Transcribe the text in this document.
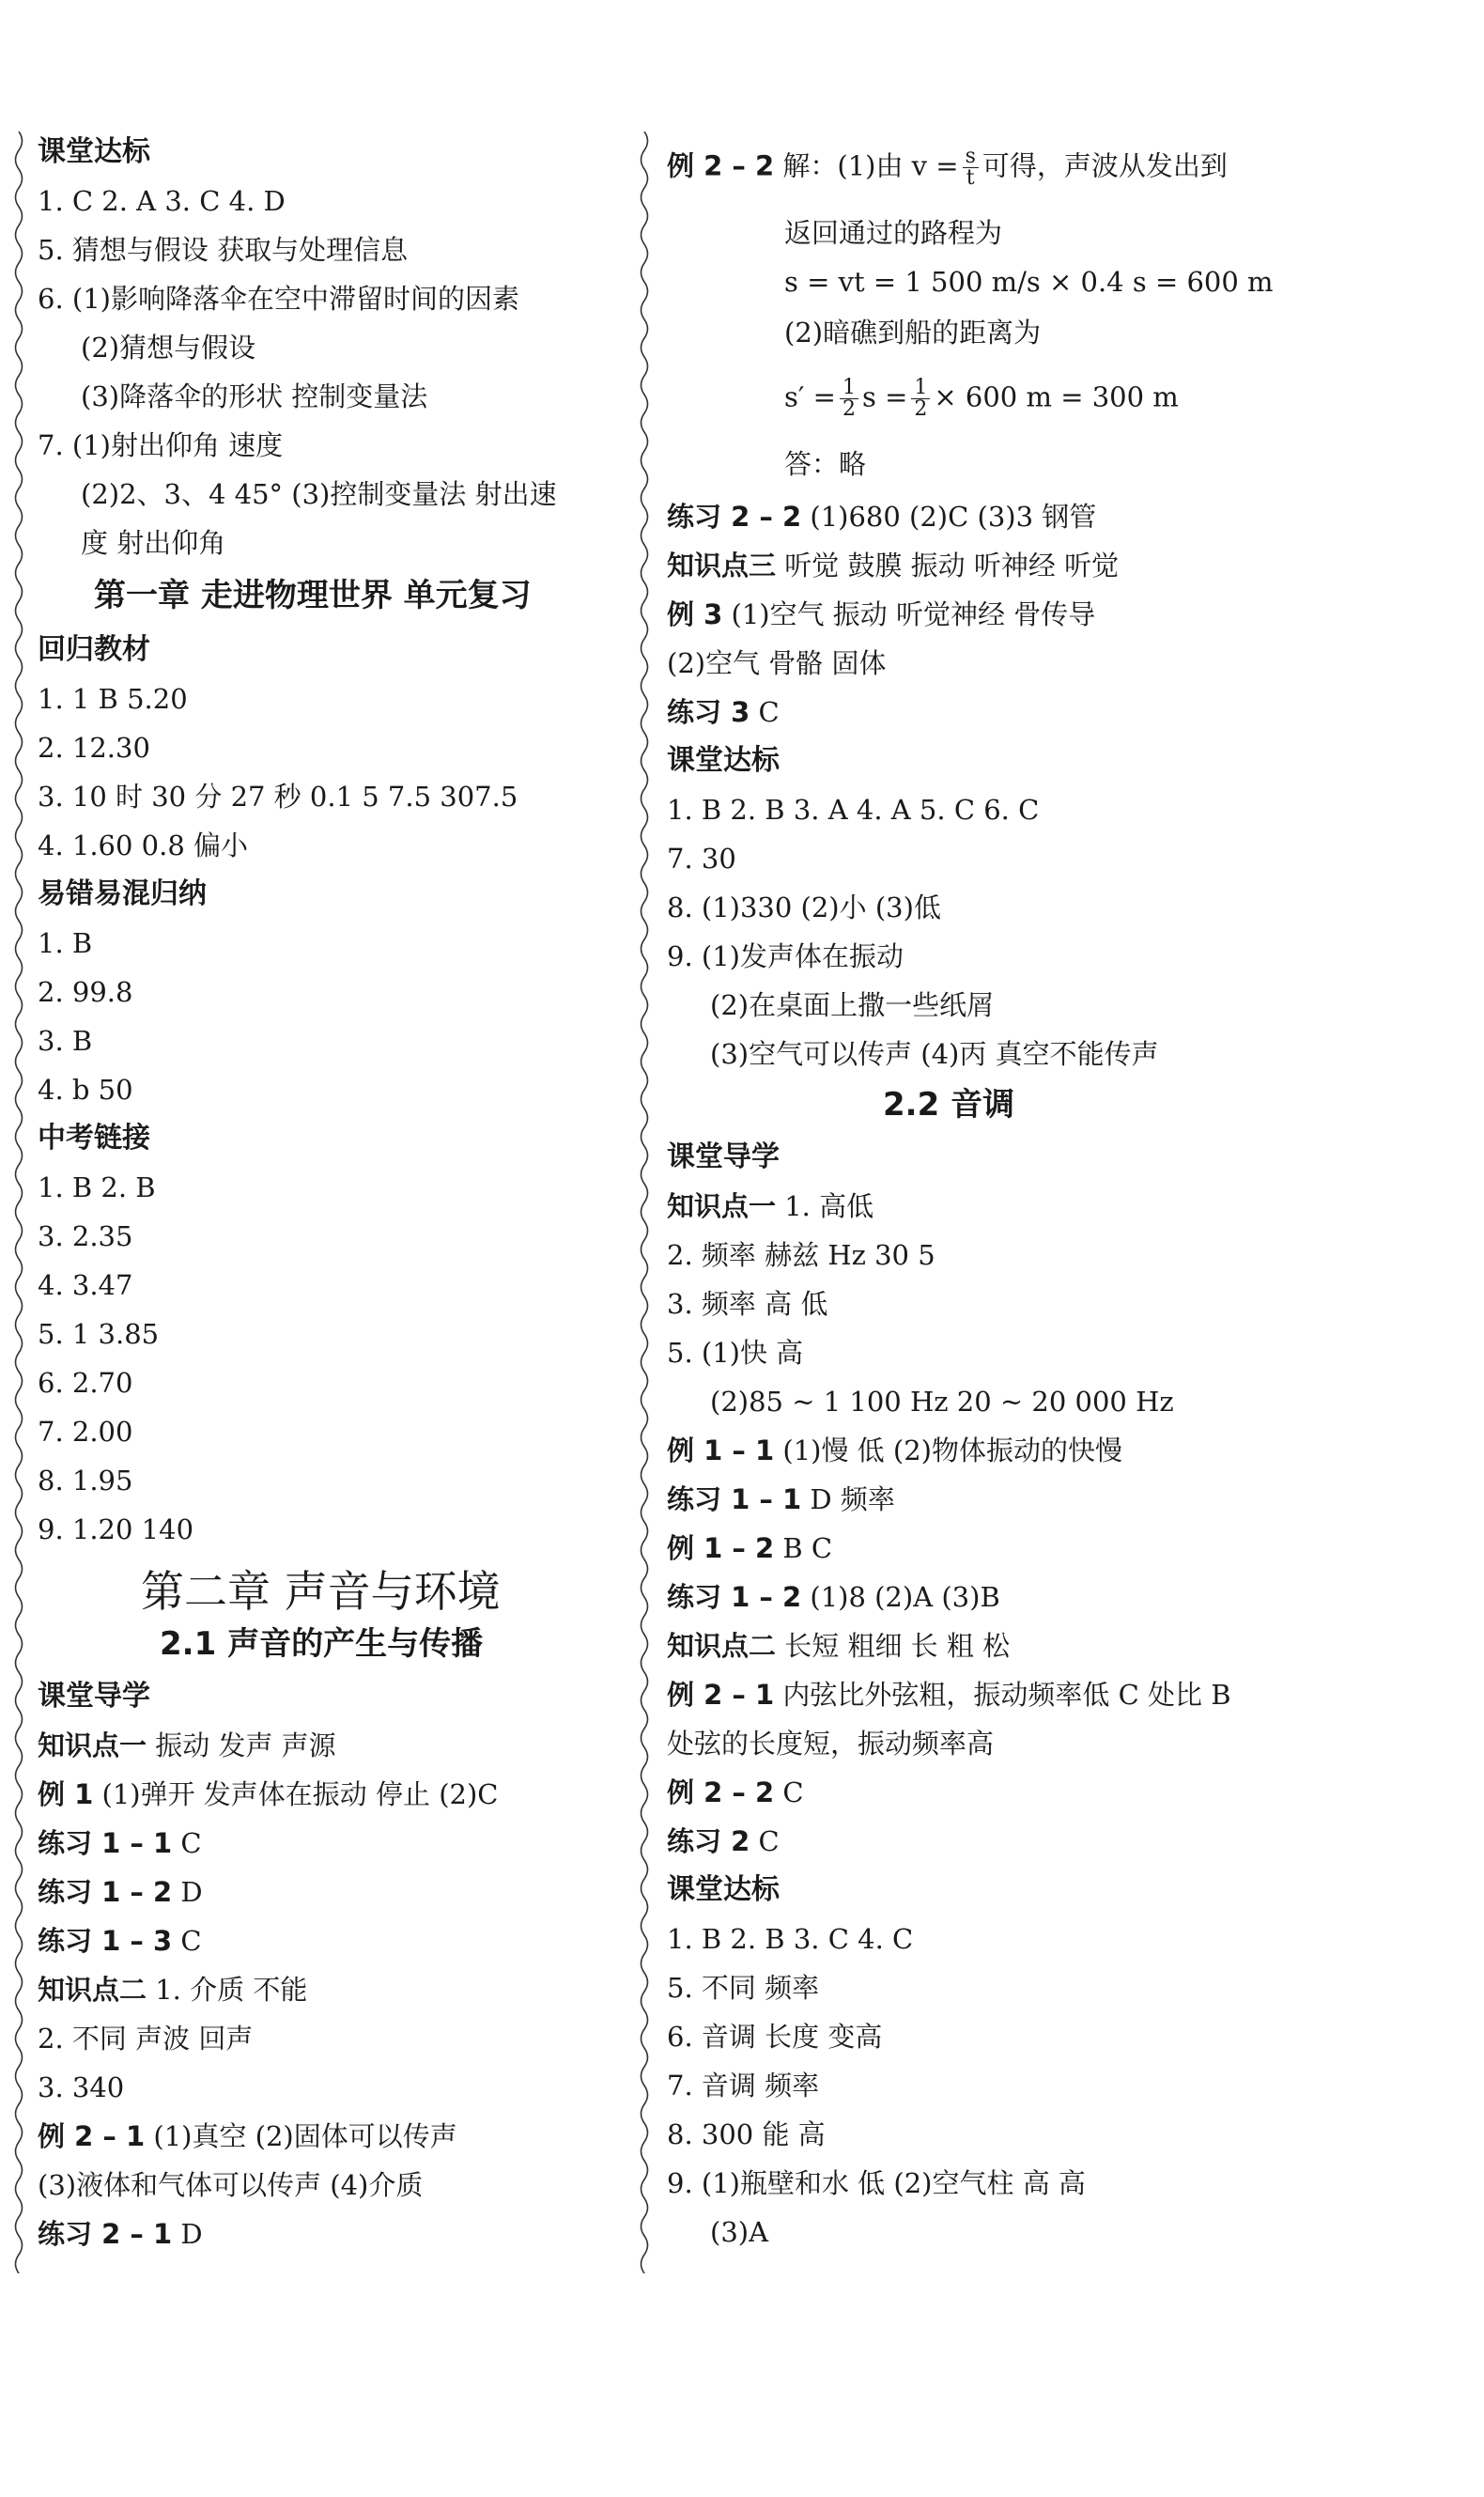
课堂达标
1. C 2. A 3. C 4. D
5. 猜想与假设 获取与处理信息
6. (1)影响降落伞在空中滞留时间的因素
(2)猜想与假设
(3)降落伞的形状 控制变量法
7. (1)射出仰角 速度
(2)2、3、4 45° (3)控制变量法 射出速
度 射出仰角
第一章 走进物理世界 单元复习
回归教材
1. 1 B 5.20
2. 12.30
3. 10 时 30 分 27 秒 0.1 5 7.5 307.5
4. 1.60 0.8 偏小
易错易混归纳
1. B
2. 99.8
3. B
4. b 50
中考链接
1. B 2. B
3. 2.35
4. 3.47
5. 1 3.85
6. 2.70
7. 2.00
8. 1.95
9. 1.20 140
第二章 声音与环境
2.1 声音的产生与传播
课堂导学
知识点一 振动 发声 声源
例 1 (1)弹开 发声体在振动 停止 (2)C
练习 1 – 1 C
练习 1 – 2 D
练习 1 – 3 C
知识点二 1. 介质 不能
2. 不同 声波 回声
3. 340
例 2 – 1 (1)真空 (2)固体可以传声
(3)液体和气体可以传声 (4)介质
练习 2 – 1 D
例 2 – 2 解：(1)由 $v = \frac{s}{t}$ 可得，声波从发出到
返回通过的路程为
s = vt = 1 500 m/s × 0.4 s = 600 m
(2)暗礁到船的距离为
$s' = \frac{1}{2}$ $s = \frac{1}{2} \times 600$ m = 300 m
答：略
练习 2 – 2 (1)680 (2)C (3)3 钢管
知识点三 听觉 鼓膜 振动 听神经 听觉
例 3 (1)空气 振动 听觉神经 骨传导
(2)空气 骨骼 固体
练习 3 C
课堂达标
1. B 2. B 3. A 4. A 5. C 6. C
7. 30
8. (1)330 (2)小 (3)低
9. (1)发声体在振动
(2)在桌面上撒一些纸屑
(3)空气可以传声 (4)丙 真空不能传声
2.2 音调
课堂导学
知识点一 1. 高低
2. 频率 赫兹 Hz 30 5
3. 频率 高 低
5. (1)快 高
(2)85 ~ 1 100 Hz 20 ~ 20 000 Hz
例 1 – 1 (1)慢 低 (2)物体振动的快慢
练习 1 – 1 D 频率
例 1 – 2 B C
练习 1 – 2 (1)8 (2)A (3)B
知识点二 长短 粗细 长 粗 松
例 2 – 1 内弦比外弦粗，振动频率低 C 处比 B
处弦的长度短，振动频率高
例 2 – 2 C
练习 2 C
课堂达标
1. B 2. B 3. C 4. C
5. 不同 频率
6. 音调 长度 变高
7. 音调 频率
8. 300 能 高
9. (1)瓶壁和水 低 (2)空气柱 高 高
(3)A
